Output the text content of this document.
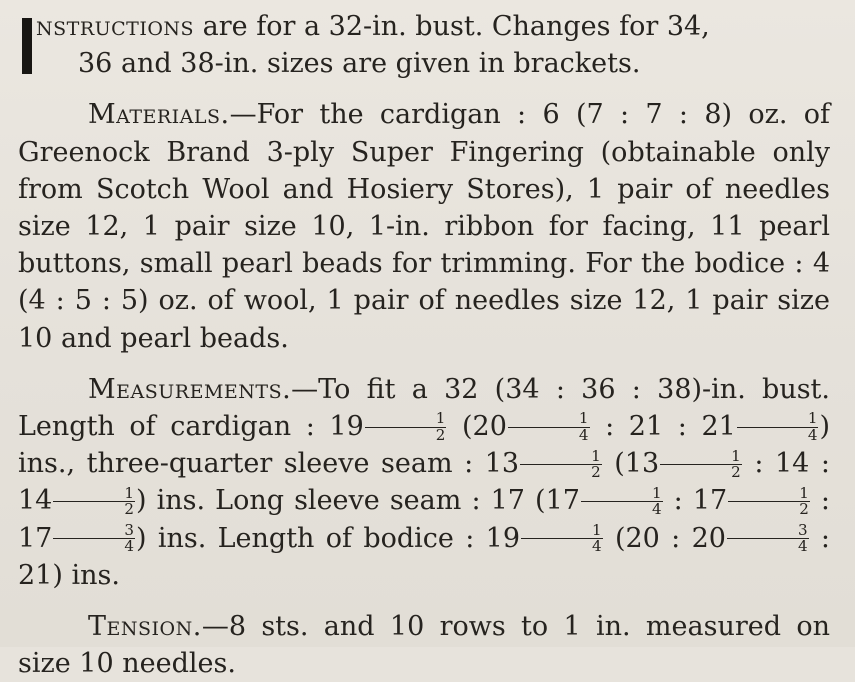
nstructions are for a 32-in. bust. Changes for 34,
36 and 38-in. sizes are given in brackets.

Materials.—For the cardigan : 6 (7 : 7 : 8) oz. of Greenock Brand 3-ply Super Fingering (obtainable only from Scotch Wool and Hosiery Stores), 1 pair of needles size 12, 1 pair size 10, 1-in. ribbon for facing, 11 pearl buttons, small pearl beads for trimming. For the bodice : 4 (4 : 5 : 5) oz. of wool, 1 pair of needles size 12, 1 pair size 10 and pearl beads.

Measurements.—To fit a 32 (34 : 36 : 38)-in. bust. Length of cardigan : $19 \frac{1}{2} (20 \frac{1}{4}$ : 21 : $21 \frac{1}{4}$ ) ins., three-quarter sleeve seam : $13 \frac{1}{2} (13 \frac{1}{2}$ : 14 : $14 \frac{1}{2}$ ) ins. Long sleeve seam : 17 ($17 \frac{1}{4}$ : $17 \frac{1}{2}$ : $17 \frac{3}{4}$ ) ins. Length of bodice : $19 \frac{1}{4} (20$ : $20 \frac{3}{4}$ : 21) ins.

Tension.—8 sts. and 10 rows to 1 in. measured on size 10 needles.
